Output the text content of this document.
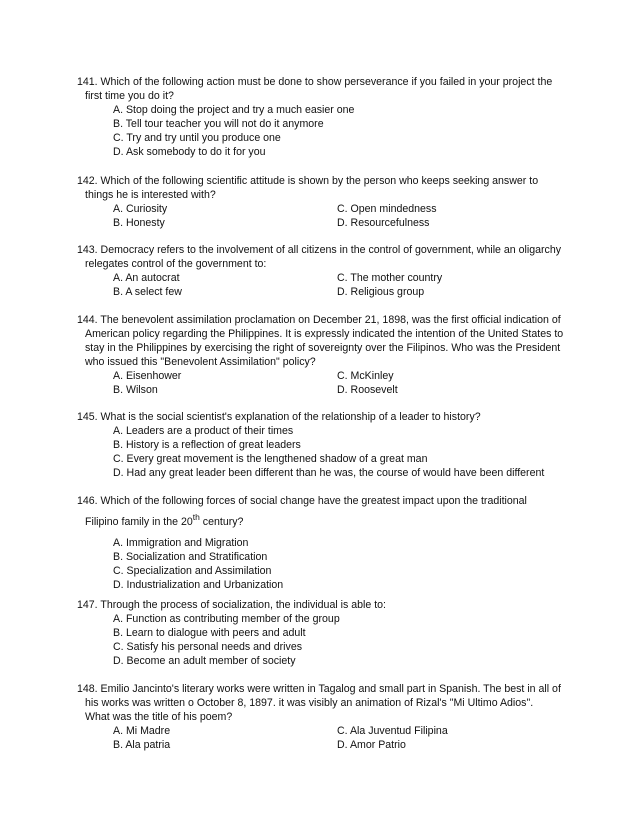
141. Which of the following action must be done to show perseverance if you failed in your project the
first time you do it?
A. Stop doing the project and try a much easier one
B. Tell tour teacher you will not do it anymore
C. Try and try until you produce one
D. Ask somebody to do it for you
142. Which of the following scientific attitude is shown by the person who keeps seeking answer to
things he is interested with?
A. Curiosity	C. Open mindedness
B. Honesty	D. Resourcefulness
143. Democracy refers to the involvement of all citizens in the control of government, while an oligarchy
relegates control of the government to:
A. An autocrat	C. The mother country
B. A select few	D. Religious group
144. The benevolent assimilation proclamation on December 21, 1898, was the first official indication of
American policy regarding the Philippines. It is expressly indicated the intention of the United States to
stay in the Philippines by exercising the right of sovereignty over the Filipinos. Who was the President
who issued this "Benevolent Assimilation" policy?
A. Eisenhower	C. McKinley
B. Wilson	D. Roosevelt
145. What is the social scientist's explanation of the relationship of a leader to history?
A. Leaders are a product of their times
B. History is a reflection of great leaders
C. Every great movement is the lengthened shadow of a great man
D. Had any great leader been different than he was, the course of would have been different
146. Which of the following forces of social change have the greatest impact upon the traditional
Filipino family in the 20th century?
A. Immigration and Migration
B. Socialization and Stratification
C. Specialization and Assimilation
D. Industrialization and Urbanization
147. Through the process of socialization, the individual is able to:
A. Function as contributing member of the group
B. Learn to dialogue with peers and adult
C. Satisfy his personal needs and drives
D. Become an adult member of society
148. Emilio Jancinto's literary works were written in Tagalog and small part in Spanish. The best in all of
his works was written o October 8, 1897. it was visibly an animation of Rizal's "Mi Ultimo Adios".
What was the title of his poem?
A. Mi Madre	C. Ala Juventud Filipina
B. Ala patria	D. Amor Patrio
